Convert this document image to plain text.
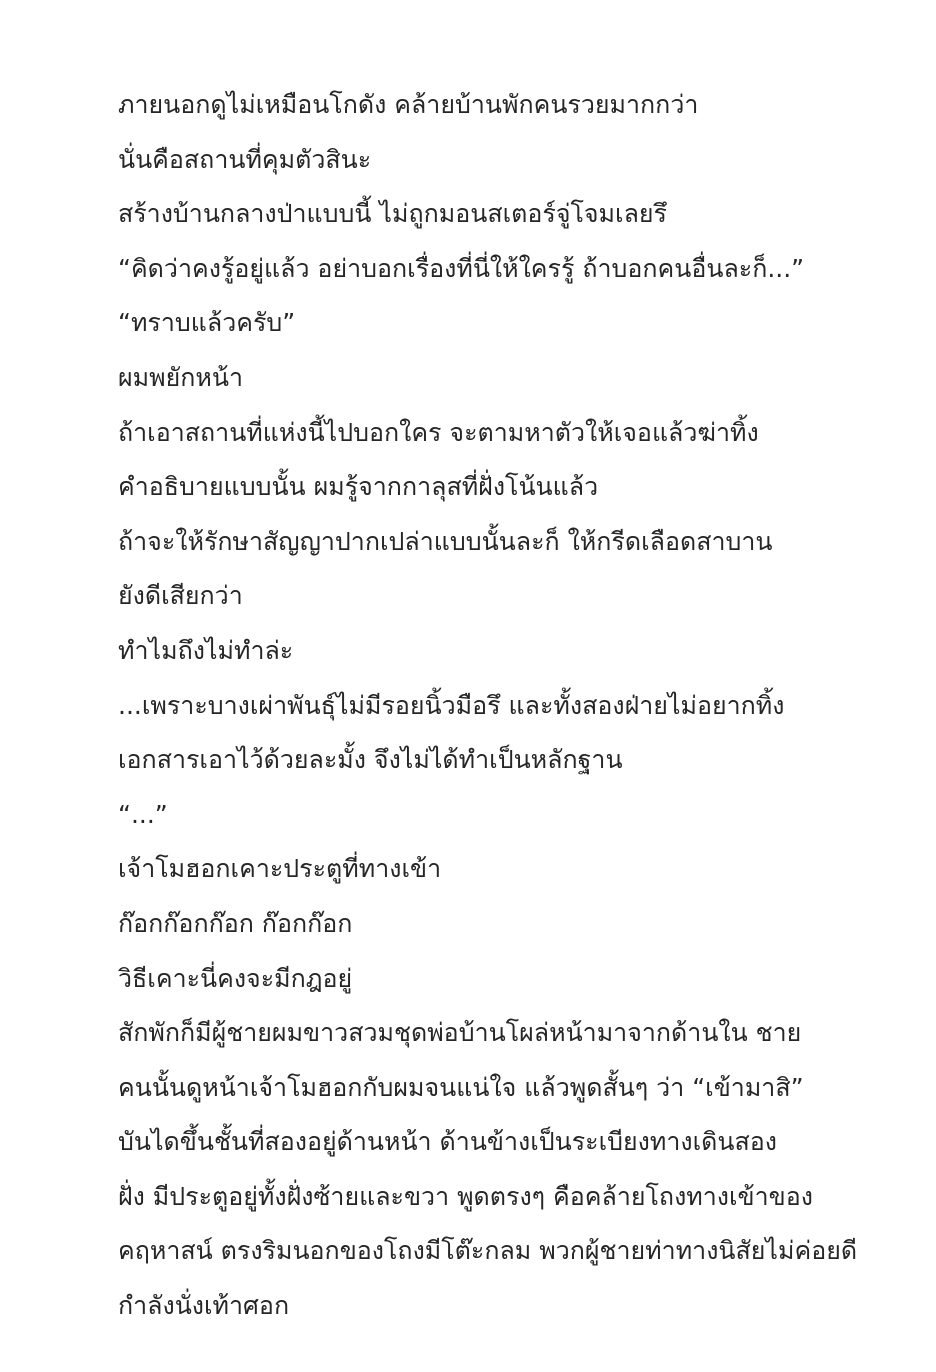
ภายนอกดูไม่เหมือนโกดัง คล้ายบ้านพักคนรวยมากกว่า

นั่นคือสถานที่คุมตัวสินะ

สร้างบ้านกลางป่าแบบนี้ ไม่ถูกมอนสเตอร์จู่โจมเลยรึ

“คิดว่าคงรู้อยู่แล้ว อย่าบอกเรื่องที่นี่ให้ใครรู้ ถ้าบอกคนอื่นละก็...”

“ทราบแล้วครับ”

ผมพยักหน้า

ถ้าเอาสถานที่แห่งนี้ไปบอกใคร จะตามหาตัวให้เจอแล้วฆ่าทิ้ง

คำอธิบายแบบนั้น ผมรู้จากกาลุสที่ฝั่งโน้นแล้ว

ถ้าจะให้รักษาสัญญาปากเปล่าแบบนั้นละก็ ให้กรีดเลือดสาบาน
ยังดีเสียกว่า

ทำไมถึงไม่ทำล่ะ

...เพราะบางเผ่าพันธุ์ไม่มีรอยนิ้วมือรึ และทั้งสองฝ่ายไม่อยากทิ้ง
เอกสารเอาไว้ด้วยละมั้ง จึงไม่ได้ทำเป็นหลักฐาน

“...”

เจ้าโมฮอกเคาะประตูที่ทางเข้า

ก๊อกก๊อกก๊อก ก๊อกก๊อก

วิธีเคาะนี่คงจะมีกฎอยู่

สักพักก็มีผู้ชายผมขาวสวมชุดพ่อบ้านโผล่หน้ามาจากด้านใน ชาย
คนนั้นดูหน้าเจ้าโมฮอกกับผมจนแน่ใจ แล้วพูดสั้นๆ ว่า “เข้ามาสิ”

บันไดขึ้นชั้นที่สองอยู่ด้านหน้า ด้านข้างเป็นระเบียงทางเดินสอง
ฝั่ง มีประตูอยู่ทั้งฝั่งซ้ายและขวา พูดตรงๆ คือคล้ายโถงทางเข้าของ
คฤหาสน์ ตรงริมนอกของโถงมีโต๊ะกลม พวกผู้ชายท่าทางนิสัยไม่ค่อยดี
กำลังนั่งเท้าศอก
